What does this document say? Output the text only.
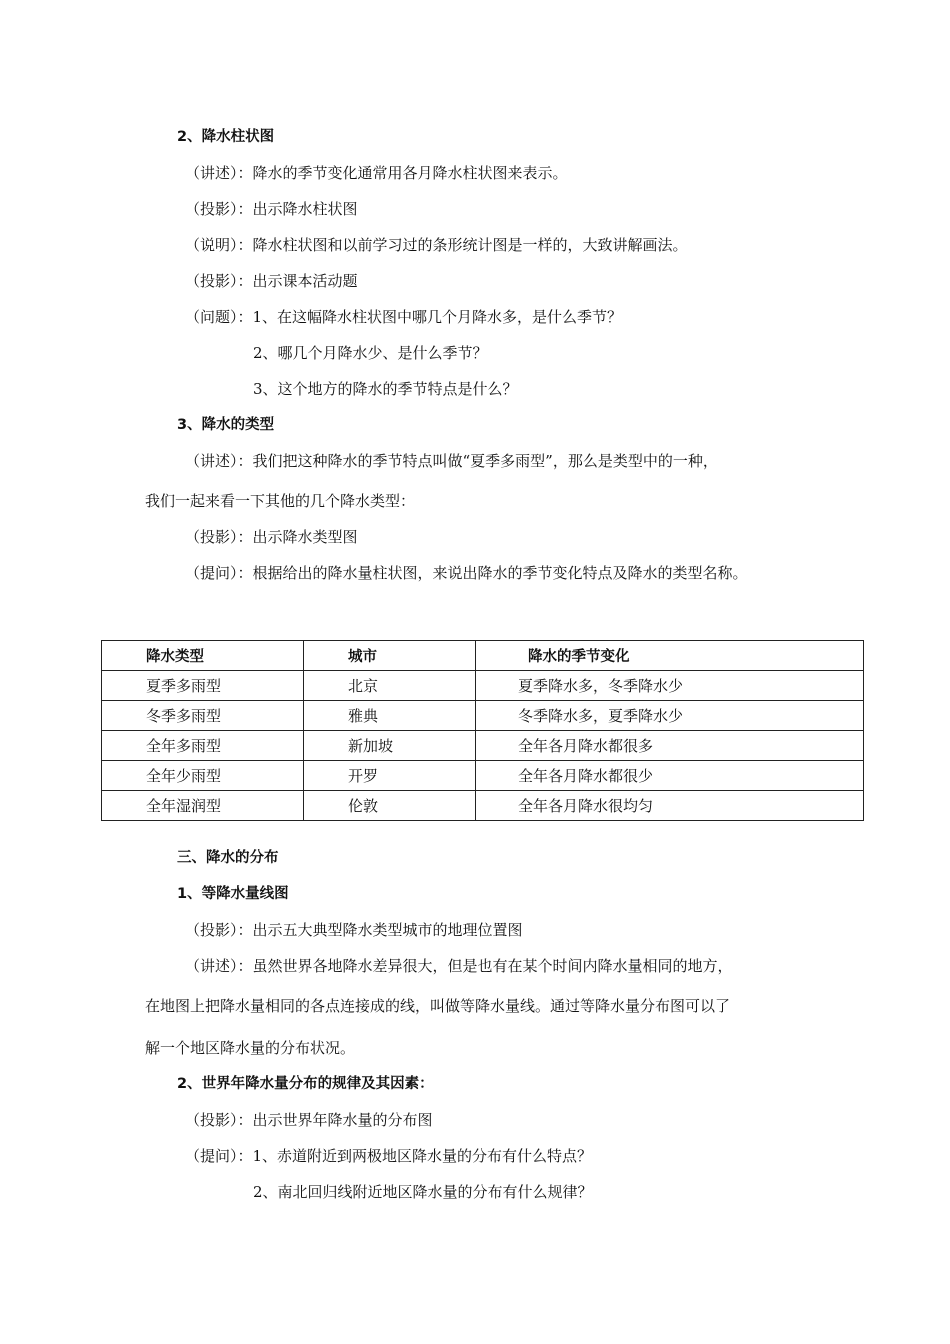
2、降水柱状图
（讲述）：降水的季节变化通常用各月降水柱状图来表示。
（投影）：出示降水柱状图
（说明）：降水柱状图和以前学习过的条形统计图是一样的，大致讲解画法。
（投影）：出示课本活动题
（问题）：1、在这幅降水柱状图中哪几个月降水多，是什么季节？
2、哪几个月降水少、是什么季节？
3、这个地方的降水的季节特点是什么？
3、降水的类型
（讲述）：我们把这种降水的季节特点叫做“夏季多雨型”，那么是类型中的一种，
我们一起来看一下其他的几个降水类型：
（投影）：出示降水类型图
（提问）：根据给出的降水量柱状图，来说出降水的季节变化特点及降水的类型名称。
降水类型	城市	降水的季节变化
夏季多雨型	北京	夏季降水多，冬季降水少
冬季多雨型	雅典	冬季降水多，夏季降水少
全年多雨型	新加坡	全年各月降水都很多
全年少雨型	开罗	全年各月降水都很少
全年湿润型	伦敦	全年各月降水很均匀
三、降水的分布
1、等降水量线图
（投影）：出示五大典型降水类型城市的地理位置图
（讲述）：虽然世界各地降水差异很大，但是也有在某个时间内降水量相同的地方，
在地图上把降水量相同的各点连接成的线，叫做等降水量线。通过等降水量分布图可以了
解一个地区降水量的分布状况。
2、世界年降水量分布的规律及其因素：
（投影）：出示世界年降水量的分布图
（提问）：1、赤道附近到两极地区降水量的分布有什么特点？
2、南北回归线附近地区降水量的分布有什么规律？
